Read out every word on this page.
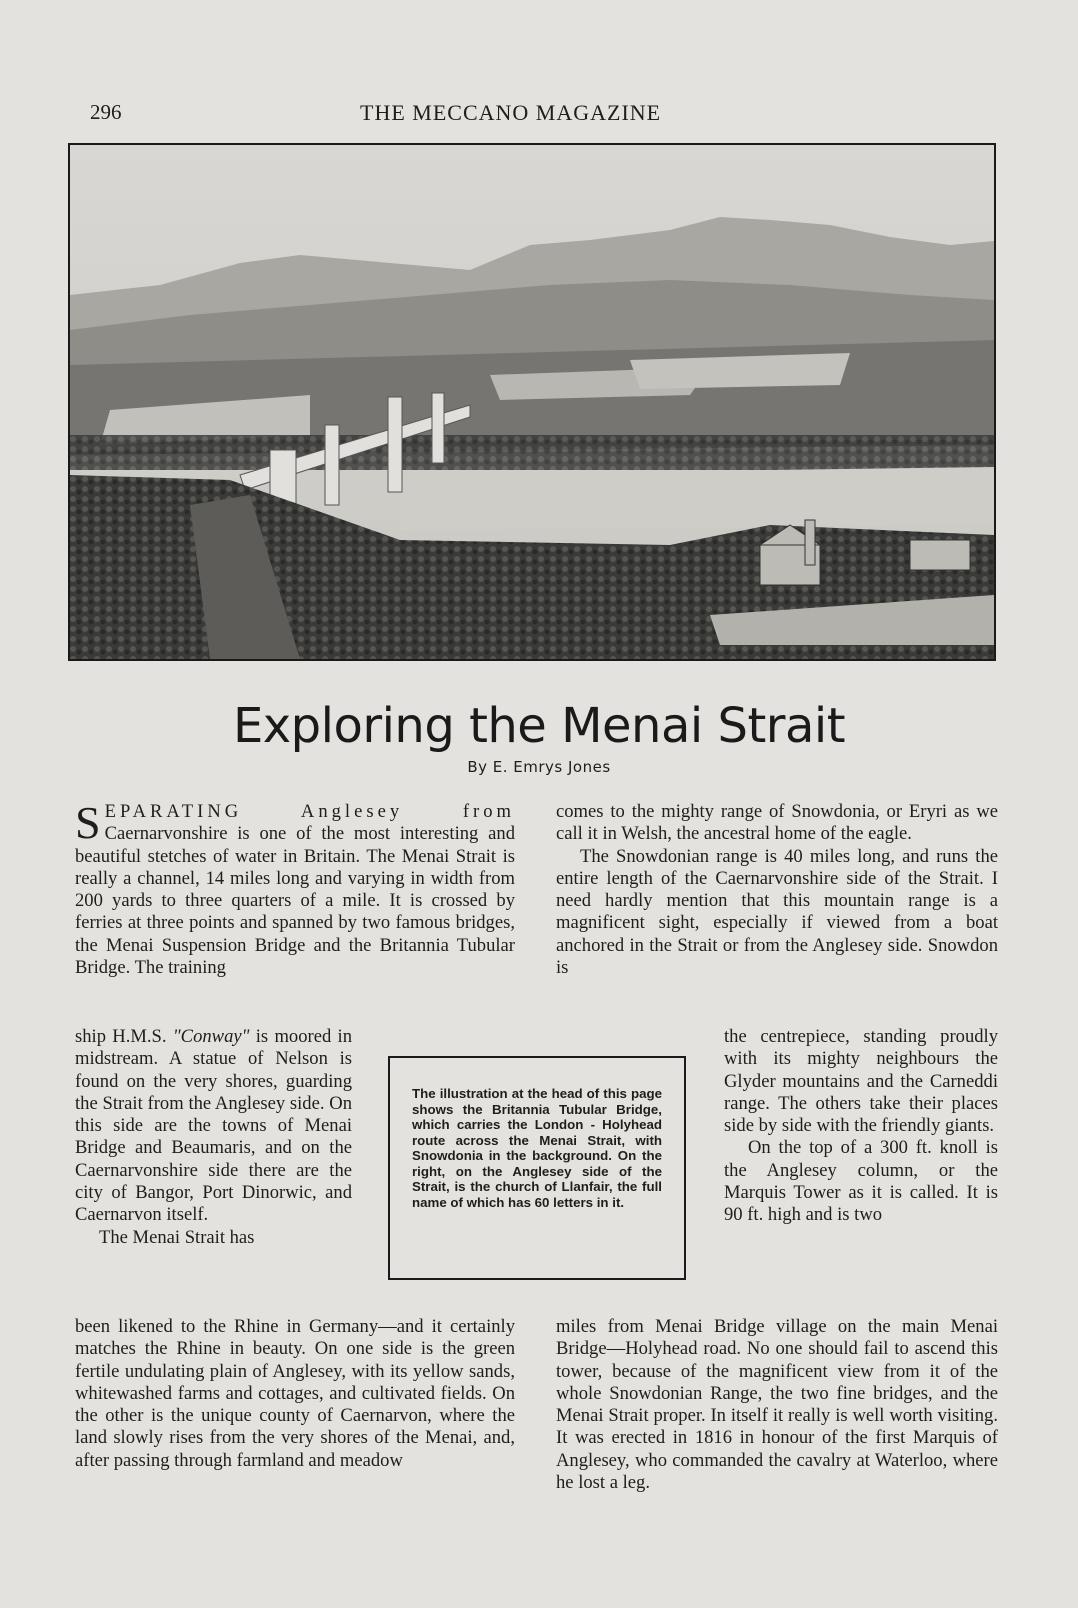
296	THE MECCANO MAGAZINE
Exploring the Menai Strait
By E. Emrys Jones

S EPARATING Anglesey from Caernarvonshire is one of the most interesting and beautiful stetches of water in Britain. The Menai Strait is really a channel, 14 miles long and varying in width from 200 yards to three quarters of a mile. It is crossed by ferries at three points and spanned by two famous bridges, the Menai Suspension Bridge and the Britannia Tubular Bridge. The training

ship H.M.S. "Conway" is moored in midstream. A statue of Nelson is found on the very shores, guarding the Strait from the Anglesey side. On this side are the towns of Menai Bridge and Beaumaris, and on the Caernarvonshire side there are the city of Bangor, Port Dinorwic, and Caernarvon itself.

The Menai Strait has

been likened to the Rhine in Germany—and it certainly matches the Rhine in beauty. On one side is the green fertile undulating plain of Anglesey, with its yellow sands, whitewashed farms and cottages, and cultivated fields. On the other is the unique county of Caernarvon, where the land slowly rises from the very shores of the Menai, and, after passing through farmland and meadow

comes to the mighty range of Snowdonia, or Eryri as we call it in Welsh, the ancestral home of the eagle.

The Snowdonian range is 40 miles long, and runs the entire length of the Caernarvonshire side of the Strait. I need hardly mention that this mountain range is a magnificent sight, especially if viewed from a boat anchored in the Strait or from the Anglesey side. Snowdon is

the centrepiece, standing proudly with its mighty neighbours the Glyder mountains and the Carneddi range. The others take their places side by side with the friendly giants.

On the top of a 300 ft. knoll is the Anglesey column, or the Marquis Tower as it is called. It is 90 ft. high and is two

miles from Menai Bridge village on the main Menai Bridge—Holyhead road. No one should fail to ascend this tower, because of the magnificent view from it of the whole Snowdonian Range, the two fine bridges, and the Menai Strait proper. In itself it really is well worth visiting. It was erected in 1816 in honour of the first Marquis of Anglesey, who commanded the cavalry at Waterloo, where he lost a leg.

The illustration at the head of this page shows the Britannia Tubular Bridge, which carries the London - Holyhead route across the Menai Strait, with Snowdonia in the background. On the right, on the Anglesey side of the Strait, is the church of Llanfair, the full name of which has 60 letters in it.
